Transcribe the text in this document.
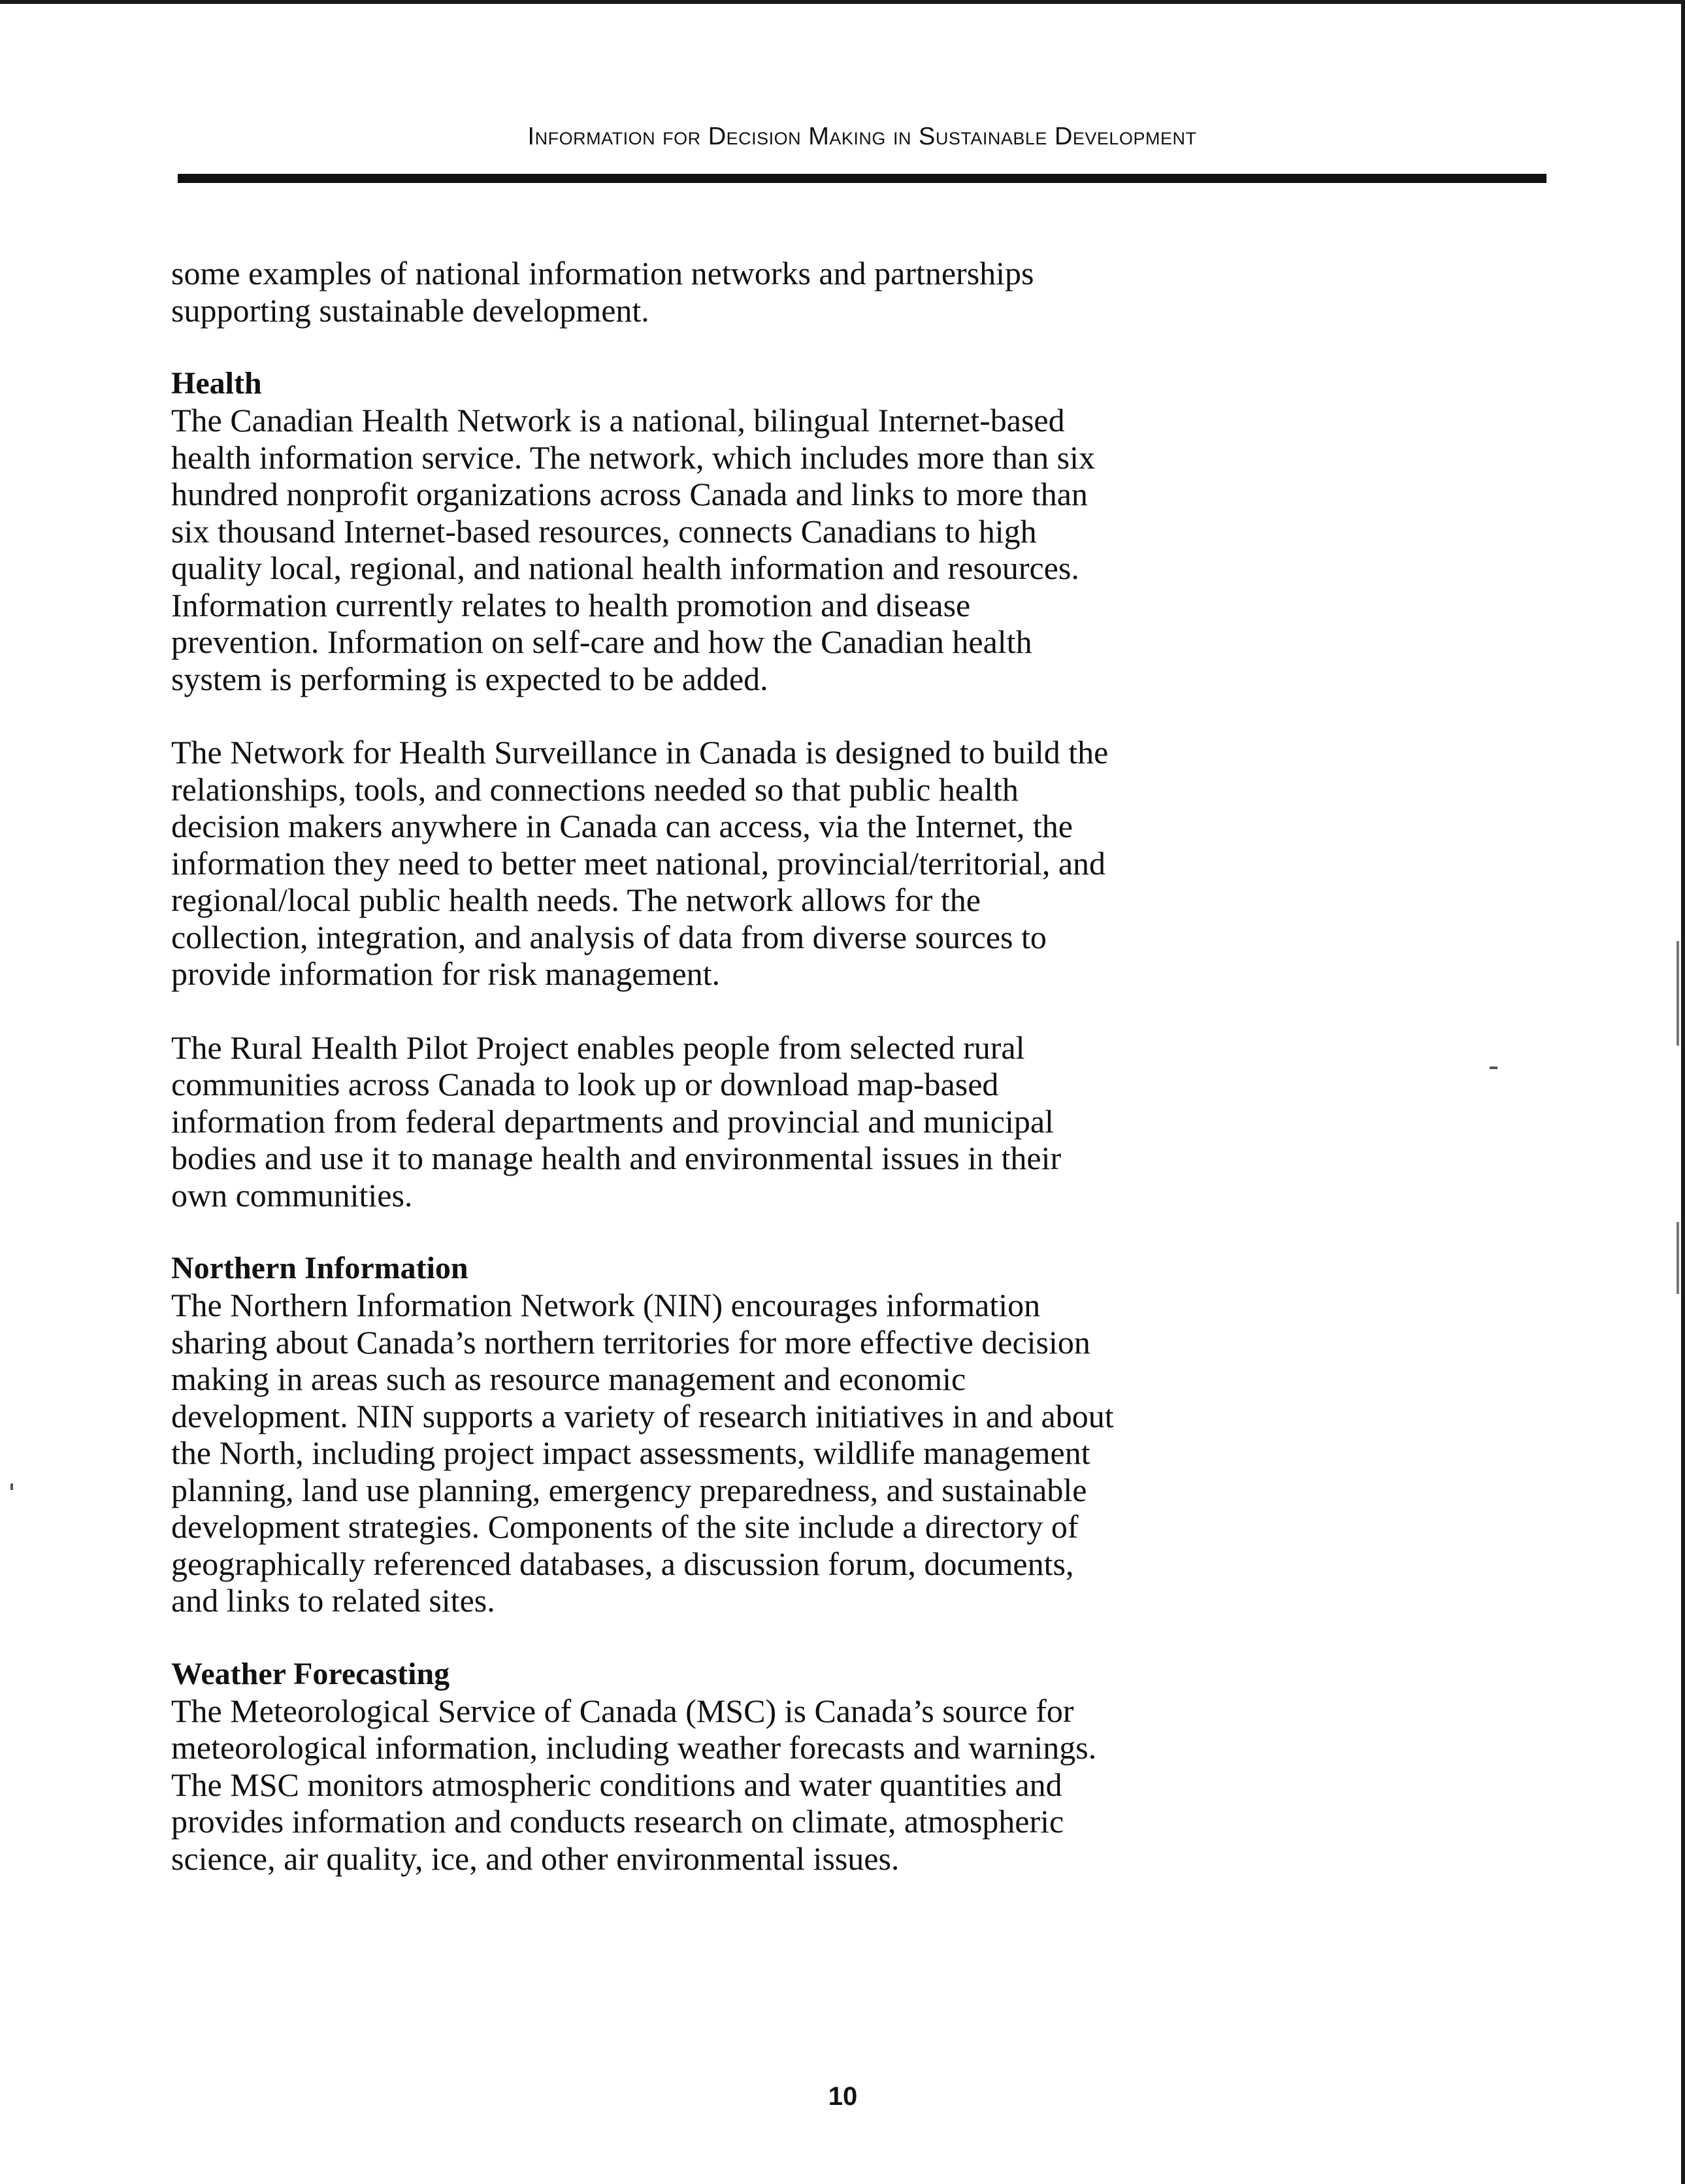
Information for Decision Making in Sustainable Development

some examples of national information networks and partnerships supporting sustainable development.

Health

The Canadian Health Network is a national, bilingual Internet-based health information service. The network, which includes more than six hundred nonprofit organizations across Canada and links to more than six thousand Internet-based resources, connects Canadians to high quality local, regional, and national health information and resources. Information currently relates to health promotion and disease prevention. Information on self-care and how the Canadian health system is performing is expected to be added.

The Network for Health Surveillance in Canada is designed to build the relationships, tools, and connections needed so that public health decision makers anywhere in Canada can access, via the Internet, the information they need to better meet national, provincial/territorial, and regional/local public health needs. The network allows for the collection, integration, and analysis of data from diverse sources to provide information for risk management.

The Rural Health Pilot Project enables people from selected rural communities across Canada to look up or download map-based information from federal departments and provincial and municipal bodies and use it to manage health and environmental issues in their own communities.

Northern Information

The Northern Information Network (NIN) encourages information sharing about Canada’s northern territories for more effective decision making in areas such as resource management and economic development. NIN supports a variety of research initiatives in and about the North, including project impact assessments, wildlife management planning, land use planning, emergency preparedness, and sustainable development strategies. Components of the site include a directory of geographically referenced databases, a discussion forum, documents, and links to related sites.

Weather Forecasting

The Meteorological Service of Canada (MSC) is Canada’s source for meteorological information, including weather forecasts and warnings. The MSC monitors atmospheric conditions and water quantities and provides information and conducts research on climate, atmospheric science, air quality, ice, and other environmental issues.

10
